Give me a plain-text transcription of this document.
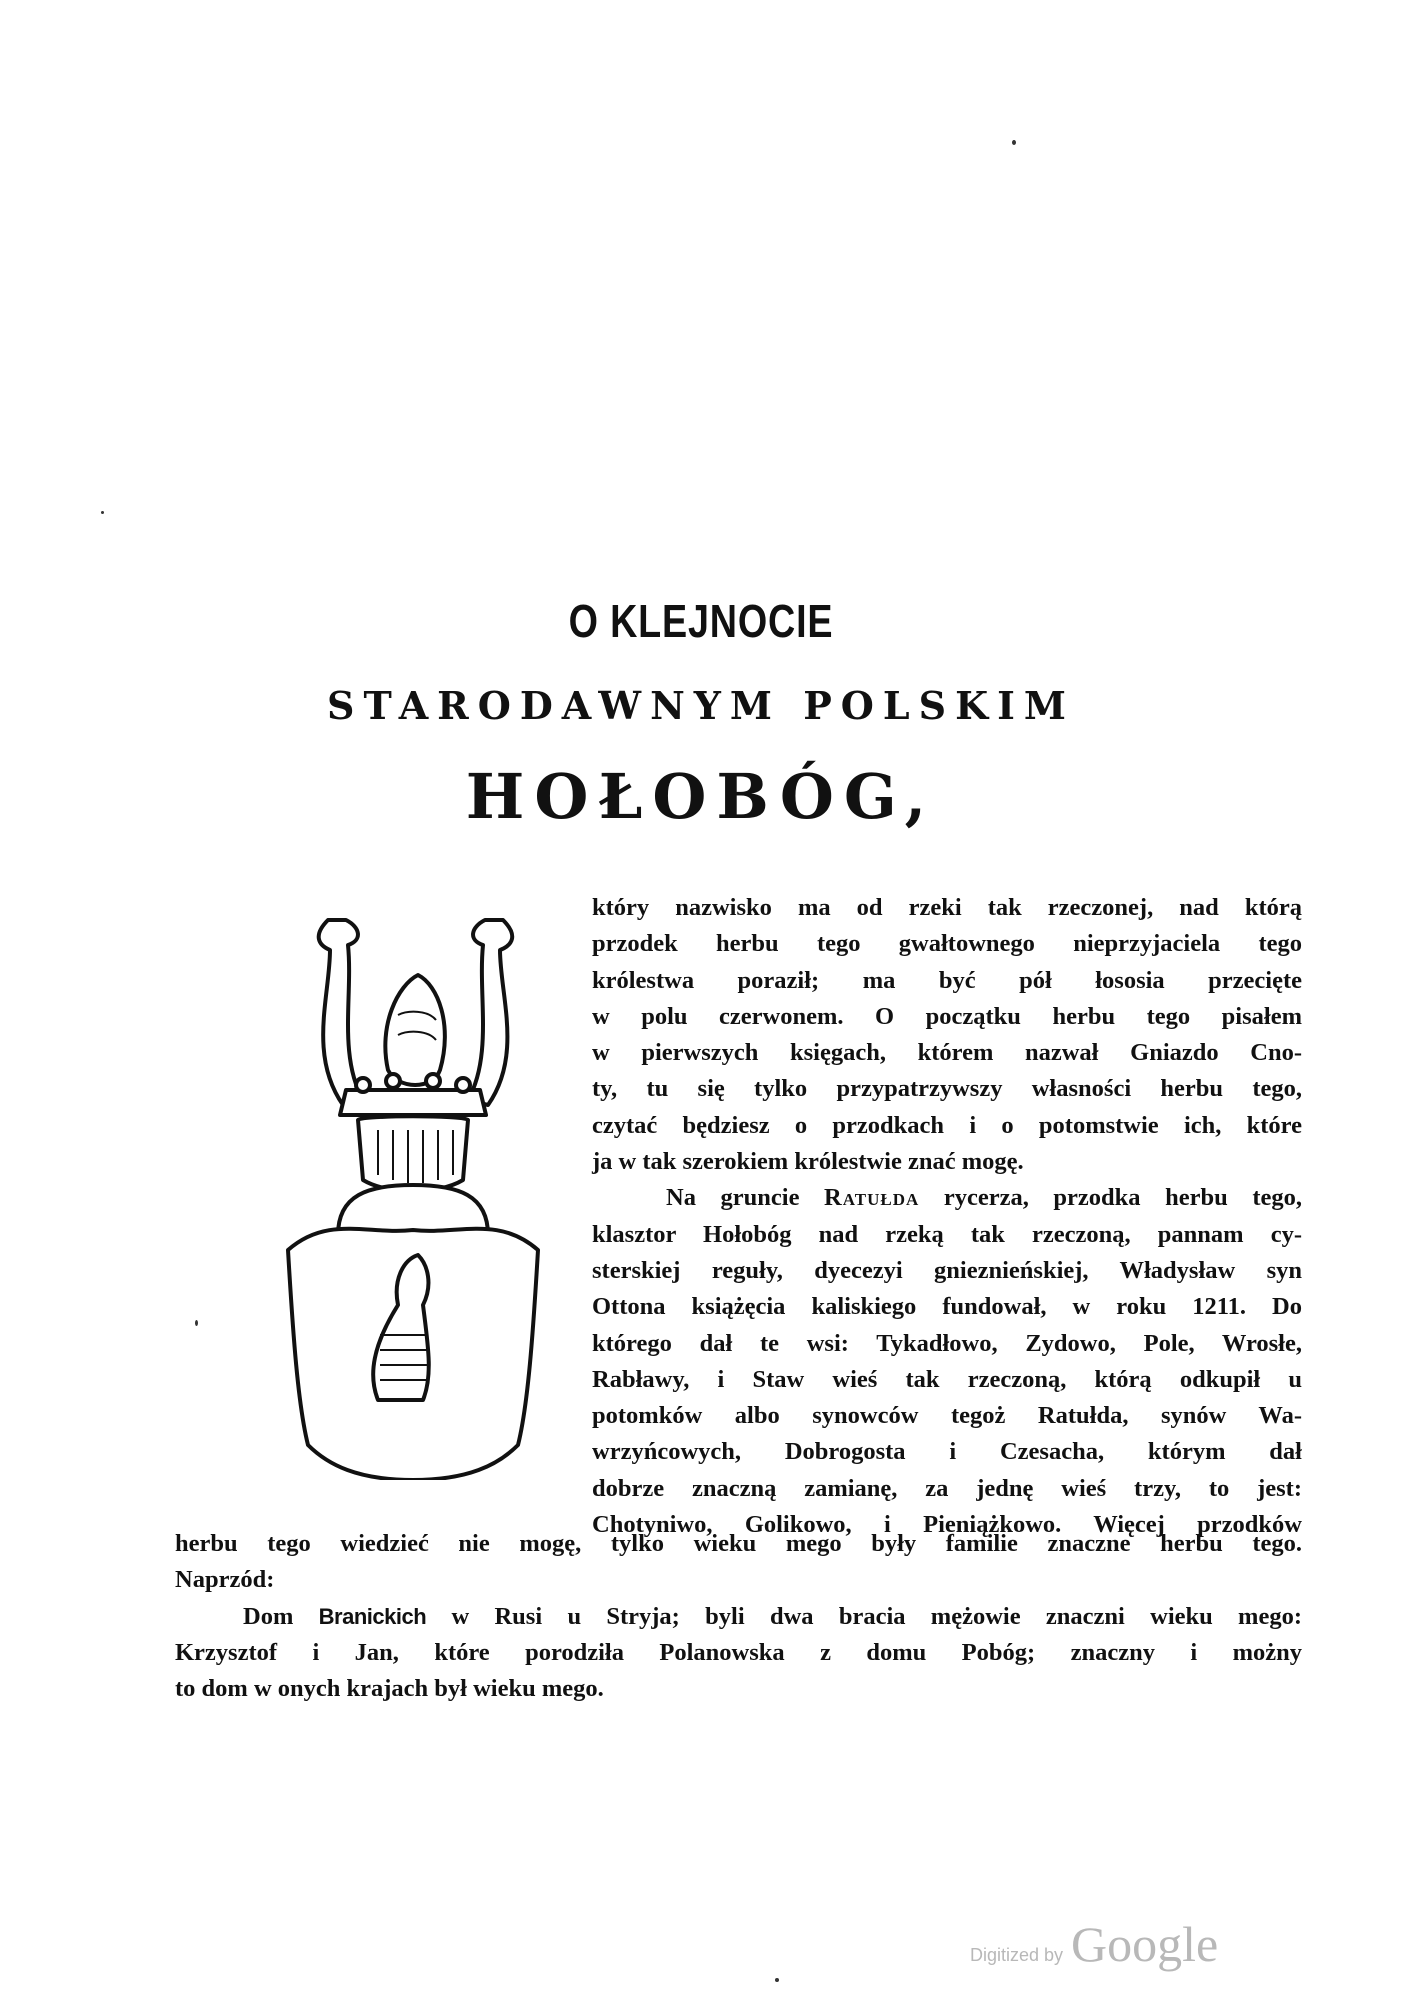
O KLEJNOCIE
STARODAWNYM POLSKIM
HOŁOBÓG,
który nazwisko ma od rzeki tak rzeczonej, nad którą
przodek herbu tego gwałtownego nieprzyjaciela tego
królestwa poraził; ma być pół łososia przecięte
w polu czerwonem. O początku herbu tego pisałem
w pierwszych księgach, którem nazwał Gniazdo Cno-
ty, tu się tylko przypatrzywszy własności herbu tego,
czytać będziesz o przodkach i o potomstwie ich, które
ja w tak szerokiem królestwie znać mogę.
Na gruncie Ratułda rycerza, przodka herbu tego,
klasztor Hołobóg nad rzeką tak rzeczoną, pannam cy-
sterskiej reguły, dyecezyi gnieznieńskiej, Władysław syn
Ottona książęcia kaliskiego fundował, w roku 1211. Do
którego dał te wsi: Tykadłowo, Zydowo, Pole, Wrosłe,
Rabławy, i Staw wieś tak rzeczoną, którą odkupił u
potomków albo synowców tegoż Ratułda, synów Wa-
wrzyńcowych, Dobrogosta i Czesacha, którym dał
dobrze znaczną zamianę, za jednę wieś trzy, to jest:
Chotyniwo, Golikowo, i Pieniążkowo. Więcej przodków
herbu tego wiedzieć nie mogę, tylko wieku mego były familie znaczne herbu tego.
Naprzód:
Dom Branickich w Rusi u Stryja; byli dwa bracia mężowie znaczni wieku mego:
Krzysztof i Jan, które porodziła Polanowska z domu Pobóg; znaczny i możny
to dom w onych krajach był wieku mego.
Digitized by Google
